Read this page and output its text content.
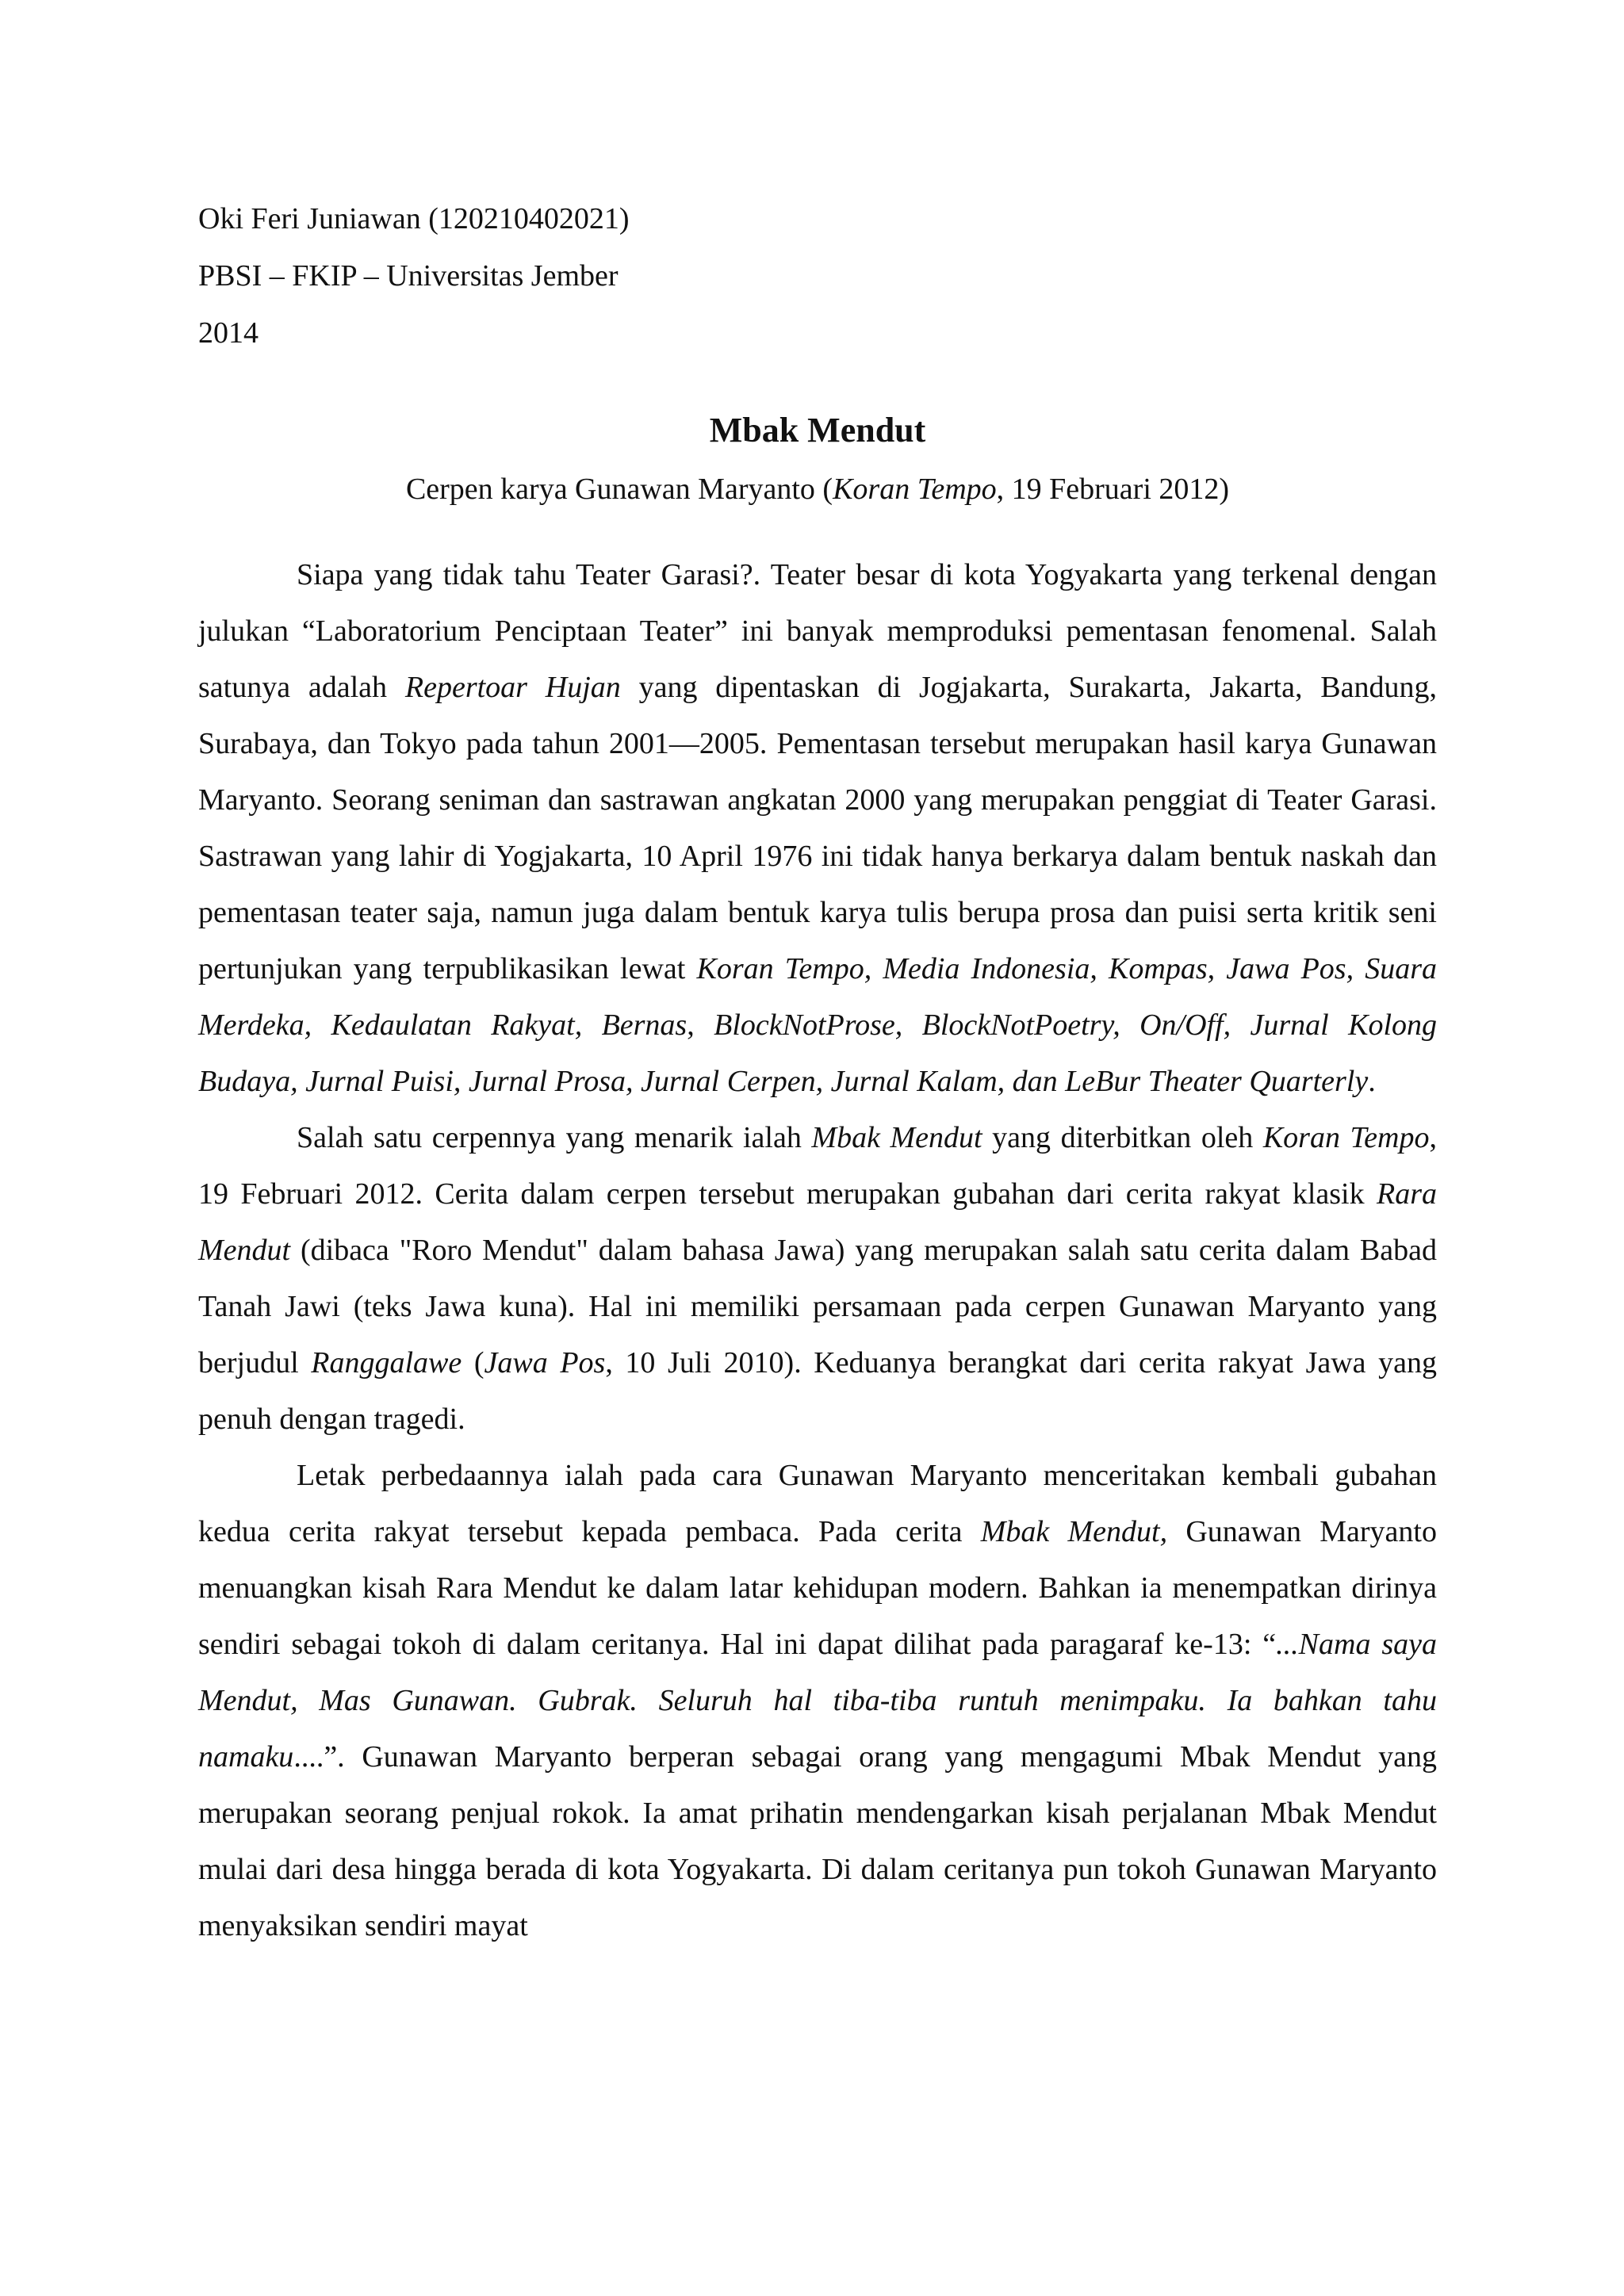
Oki Feri Juniawan (120210402021)

PBSI – FKIP – Universitas Jember

2014

Mbak Mendut

Cerpen karya Gunawan Maryanto (Koran Tempo, 19 Februari 2012)

Siapa yang tidak tahu Teater Garasi?. Teater besar di kota Yogyakarta yang terkenal dengan julukan “Laboratorium Penciptaan Teater” ini banyak memproduksi pementasan fenomenal. Salah satunya adalah Repertoar Hujan yang dipentaskan di Jogjakarta, Surakarta, Jakarta, Bandung, Surabaya, dan Tokyo pada tahun 2001—2005. Pementasan tersebut merupakan hasil karya Gunawan Maryanto. Seorang seniman dan sastrawan angkatan 2000 yang merupakan penggiat di Teater Garasi. Sastrawan yang lahir di Yogjakarta, 10 April 1976 ini tidak hanya berkarya dalam bentuk naskah dan pementasan teater saja, namun juga dalam bentuk karya tulis berupa prosa dan puisi serta kritik seni pertunjukan yang terpublikasikan lewat Koran Tempo, Media Indonesia, Kompas, Jawa Pos, Suara Merdeka, Kedaulatan Rakyat, Bernas, BlockNotProse, BlockNotPoetry, On/Off, Jurnal Kolong Budaya, Jurnal Puisi, Jurnal Prosa, Jurnal Cerpen, Jurnal Kalam, dan LeBur Theater Quarterly.

Salah satu cerpennya yang menarik ialah Mbak Mendut yang diterbitkan oleh Koran Tempo, 19 Februari 2012. Cerita dalam cerpen tersebut merupakan gubahan dari cerita rakyat klasik Rara Mendut (dibaca "Roro Mendut" dalam bahasa Jawa) yang merupakan salah satu cerita dalam Babad Tanah Jawi (teks Jawa kuna). Hal ini memiliki persamaan pada cerpen Gunawan Maryanto yang berjudul Ranggalawe (Jawa Pos, 10 Juli 2010). Keduanya berangkat dari cerita rakyat Jawa yang penuh dengan tragedi.

Letak perbedaannya ialah pada cara Gunawan Maryanto menceritakan kembali gubahan kedua cerita rakyat tersebut kepada pembaca. Pada cerita Mbak Mendut, Gunawan Maryanto menuangkan kisah Rara Mendut ke dalam latar kehidupan modern. Bahkan ia menempatkan dirinya sendiri sebagai tokoh di dalam ceritanya. Hal ini dapat dilihat pada paragaraf ke-13: “...Nama saya Mendut, Mas Gunawan. Gubrak. Seluruh hal tiba-tiba runtuh menimpaku. Ia bahkan tahu namaku....”. Gunawan Maryanto berperan sebagai orang yang mengagumi Mbak Mendut yang merupakan seorang penjual rokok. Ia amat prihatin mendengarkan kisah perjalanan Mbak Mendut mulai dari desa hingga berada di kota Yogyakarta. Di dalam ceritanya pun tokoh Gunawan Maryanto menyaksikan sendiri mayat
